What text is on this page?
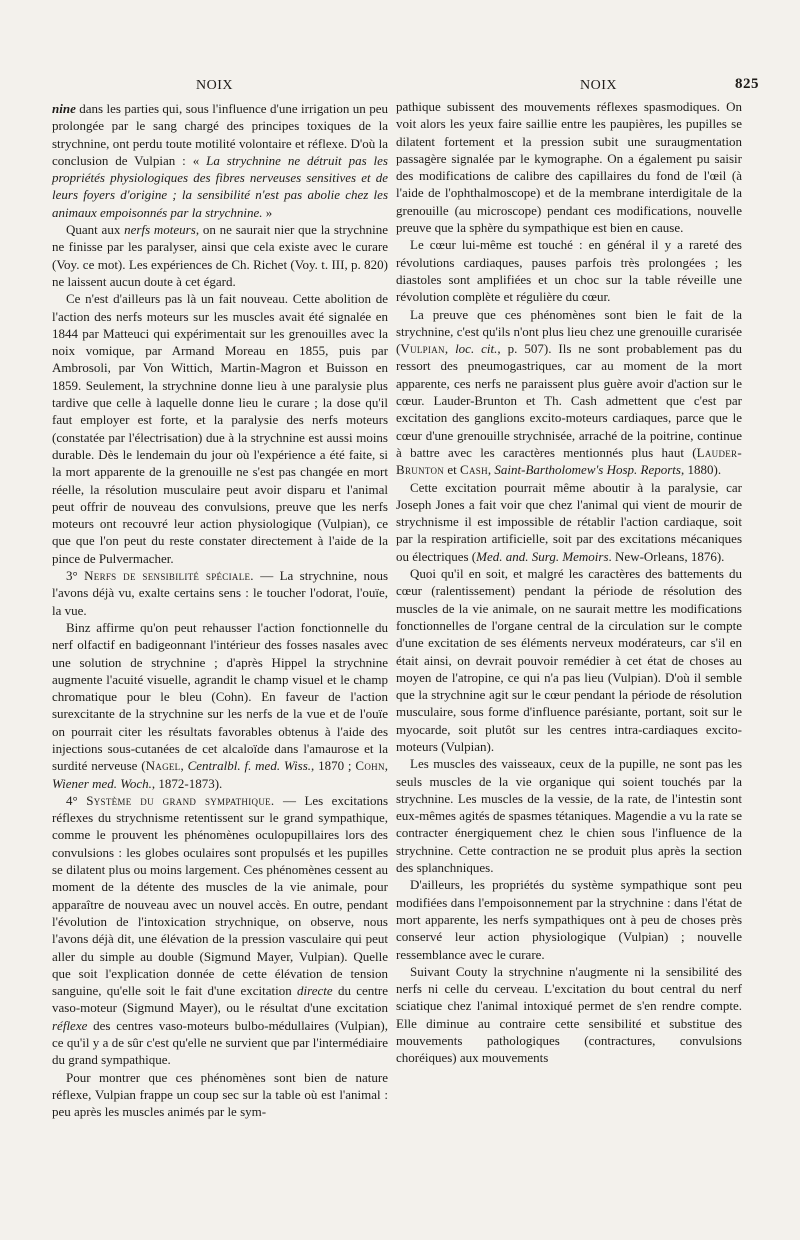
NOIX	NOIX	825

nine dans les parties qui, sous l'influence d'une irrigation un peu prolongée par le sang chargé des principes toxiques de la strychnine, ont perdu toute motilité volontaire et réflexe. D'où la conclusion de Vulpian : « La strychnine ne détruit pas les propriétés physiologiques des fibres nerveuses sensitives et de leurs foyers d'origine ; la sensibilité n'est pas abolie chez les animaux empoisonnés par la strychnine. »

Quant aux nerfs moteurs, on ne saurait nier que la strychnine ne finisse par les paralyser, ainsi que cela existe avec le curare (Voy. ce mot). Les expériences de Ch. Richet (Voy. t. III, p. 820) ne laissent aucun doute à cet égard.

Ce n'est d'ailleurs pas là un fait nouveau. Cette abolition de l'action des nerfs moteurs sur les muscles avait été signalée en 1844 par Matteuci qui expérimentait sur les grenouilles avec la noix vomique, par Armand Moreau en 1855, puis par Ambrosoli, par Von Wittich, Martin-Magron et Buisson en 1859. Seulement, la strychnine donne lieu à une paralysie plus tardive que celle à laquelle donne lieu le curare ; la dose qu'il faut employer est forte, et la paralysie des nerfs moteurs (constatée par l'électrisation) due à la strychnine est aussi moins durable. Dès le lendemain du jour où l'expérience a été faite, si la mort apparente de la grenouille ne s'est pas changée en mort réelle, la résolution musculaire peut avoir disparu et l'animal peut offrir de nouveau des convulsions, preuve que les nerfs moteurs ont recouvré leur action physiologique (Vulpian), ce que que l'on peut du reste constater directement à l'aide de la pince de Pulvermacher.

3° Nerfs de sensibilité spéciale. — La strychnine, nous l'avons déjà vu, exalte certains sens : le toucher l'odorat, l'ouïe, la vue.

Binz affirme qu'on peut rehausser l'action fonctionnelle du nerf olfactif en badigeonnant l'intérieur des fosses nasales avec une solution de strychnine ; d'après Hippel la strychnine augmente l'acuité visuelle, agrandit le champ visuel et le champ chromatique pour le bleu (Cohn). En faveur de l'action surexcitante de la strychnine sur les nerfs de la vue et de l'ouïe on pourrait citer les résultats favorables obtenus à l'aide des injections sous-cutanées de cet alcaloïde dans l'amaurose et la surdité nerveuse (Nagel, Centralbl. f. med. Wiss., 1870 ; Cohn, Wiener med. Woch., 1872-1873).

4° Système du grand sympathique. — Les excitations réflexes du strychnisme retentissent sur le grand sympathique, comme le prouvent les phénomènes oculopupillaires lors des convulsions : les globes oculaires sont propulsés et les pupilles se dilatent plus ou moins largement. Ces phénomènes cessent au moment de la détente des muscles de la vie animale, pour apparaître de nouveau avec un nouvel accès. En outre, pendant l'évolution de l'intoxication strychnique, on observe, nous l'avons déjà dit, une élévation de la pression vasculaire qui peut aller du simple au double (Sigmund Mayer, Vulpian). Quelle que soit l'explication donnée de cette élévation de tension sanguine, qu'elle soit le fait d'une excitation directe du centre vaso-moteur (Sigmund Mayer), ou le résultat d'une excitation réflexe des centres vaso-moteurs bulbo-médullaires (Vulpian), ce qu'il y a de sûr c'est qu'elle ne survient que par l'intermédiaire du grand sympathique.

Pour montrer que ces phénomènes sont bien de nature réflexe, Vulpian frappe un coup sec sur la table où est l'animal : peu après les muscles animés par le sym-

pathique subissent des mouvements réflexes spasmodiques. On voit alors les yeux faire saillie entre les paupières, les pupilles se dilatent fortement et la pression subit une suraugmentation passagère signalée par le kymographe. On a également pu saisir des modifications de calibre des capillaires du fond de l'œil (à l'aide de l'ophthalmoscope) et de la membrane interdigitale de la grenouille (au microscope) pendant ces modifications, nouvelle preuve que la sphère du sympathique est bien en cause.

Le cœur lui-même est touché : en général il y a rareté des révolutions cardiaques, pauses parfois très prolongées ; les diastoles sont amplifiées et un choc sur la table réveille une révolution complète et régulière du cœur.

La preuve que ces phénomènes sont bien le fait de la strychnine, c'est qu'ils n'ont plus lieu chez une grenouille curarisée (Vulpian, loc. cit., p. 507). Ils ne sont probablement pas du ressort des pneumogastriques, car au moment de la mort apparente, ces nerfs ne paraissent plus guère avoir d'action sur le cœur. Lauder-Brunton et Th. Cash admettent que c'est par excitation des ganglions excito-moteurs cardiaques, parce que le cœur d'une grenouille strychnisée, arraché de la poitrine, continue à battre avec les caractères mentionnés plus haut (Lauder-Brunton et Cash, Saint-Bartholomew's Hosp. Reports, 1880).

Cette excitation pourrait même aboutir à la paralysie, car Joseph Jones a fait voir que chez l'animal qui vient de mourir de strychnisme il est impossible de rétablir l'action cardiaque, soit par la respiration artificielle, soit par des excitations mécaniques ou électriques (Med. and. Surg. Memoirs. New-Orleans, 1876).

Quoi qu'il en soit, et malgré les caractères des battements du cœur (ralentissement) pendant la période de résolution des muscles de la vie animale, on ne saurait mettre les modifications fonctionnelles de l'organe central de la circulation sur le compte d'une excitation de ses éléments nerveux modérateurs, car s'il en était ainsi, on devrait pouvoir remédier à cet état de choses au moyen de l'atropine, ce qui n'a pas lieu (Vulpian). D'où il semble que la strychnine agit sur le cœur pendant la période de résolution musculaire, sous forme d'influence parésiante, portant, soit sur le myocarde, soit plutôt sur les centres intra-cardiaques excito-moteurs (Vulpian).

Les muscles des vaisseaux, ceux de la pupille, ne sont pas les seuls muscles de la vie organique qui soient touchés par la strychnine. Les muscles de la vessie, de la rate, de l'intestin sont eux-mêmes agités de spasmes tétaniques. Magendie a vu la rate se contracter énergiquement chez le chien sous l'influence de la strychnine. Cette contraction ne se produit plus après la section des splanchniques.

D'ailleurs, les propriétés du système sympathique sont peu modifiées dans l'empoisonnement par la strychnine : dans l'état de mort apparente, les nerfs sympathiques ont à peu de choses près conservé leur action physiologique (Vulpian) ; nouvelle ressemblance avec le curare.

Suivant Couty la strychnine n'augmente ni la sensibilité des nerfs ni celle du cerveau. L'excitation du bout central du nerf sciatique chez l'animal intoxiqué permet de s'en rendre compte. Elle diminue au contraire cette sensibilité et substitue des mouvements pathologiques (contractures, convulsions choréiques) aux mouvements
